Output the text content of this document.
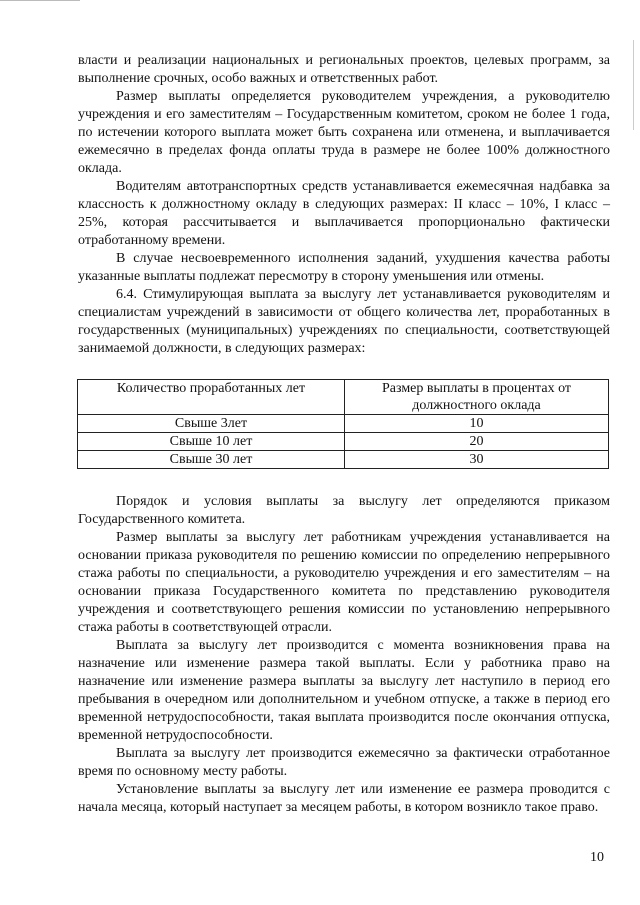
власти и реализации национальных и региональных проектов, целевых программ, за выполнение срочных, особо важных и ответственных работ.

Размер выплаты определяется руководителем учреждения, а руководителю учреждения и его заместителям – Государственным комитетом, сроком не более 1 года, по истечении которого выплата может быть сохранена или отменена, и выплачивается ежемесячно в пределах фонда оплаты труда в размере не более 100% должностного оклада.

Водителям автотранспортных средств устанавливается ежемесячная надбавка за классность к должностному окладу в следующих размерах: II класс – 10%, I класс – 25%, которая рассчитывается и выплачивается пропорционально фактически отработанному времени.

В случае несвоевременного исполнения заданий, ухудшения качества работы указанные выплаты подлежат пересмотру в сторону уменьшения или отмены.

6.4. Стимулирующая выплата за выслугу лет устанавливается руководителям и специалистам учреждений в зависимости от общего количества лет, проработанных в государственных (муниципальных) учреждениях по специальности, соответствующей занимаемой должности, в следующих размерах:

Количество проработанных лет	Размер выплаты в процентах от должностного оклада
Свыше 3лет	10
Свыше 10 лет	20
Свыше 30 лет	30

Порядок и условия выплаты за выслугу лет определяются приказом Государственного комитета.

Размер выплаты за выслугу лет работникам учреждения устанавливается на основании приказа руководителя по решению комиссии по определению непрерывного стажа работы по специальности, а руководителю учреждения и его заместителям – на основании приказа Государственного комитета по представлению руководителя учреждения и соответствующего решения комиссии по установлению непрерывного стажа работы в соответствующей отрасли.

Выплата за выслугу лет производится с момента возникновения права на назначение или изменение размера такой выплаты. Если у работника право на назначение или изменение размера выплаты за выслугу лет наступило в период его пребывания в очередном или дополнительном и учебном отпуске, а также в период его временной нетрудоспособности, такая выплата производится после окончания отпуска, временной нетрудоспособности.

Выплата за выслугу лет производится ежемесячно за фактически отработанное время по основному месту работы.

Установление выплаты за выслугу лет или изменение ее размера проводится с начала месяца, который наступает за месяцем работы, в котором возникло такое право.

10
